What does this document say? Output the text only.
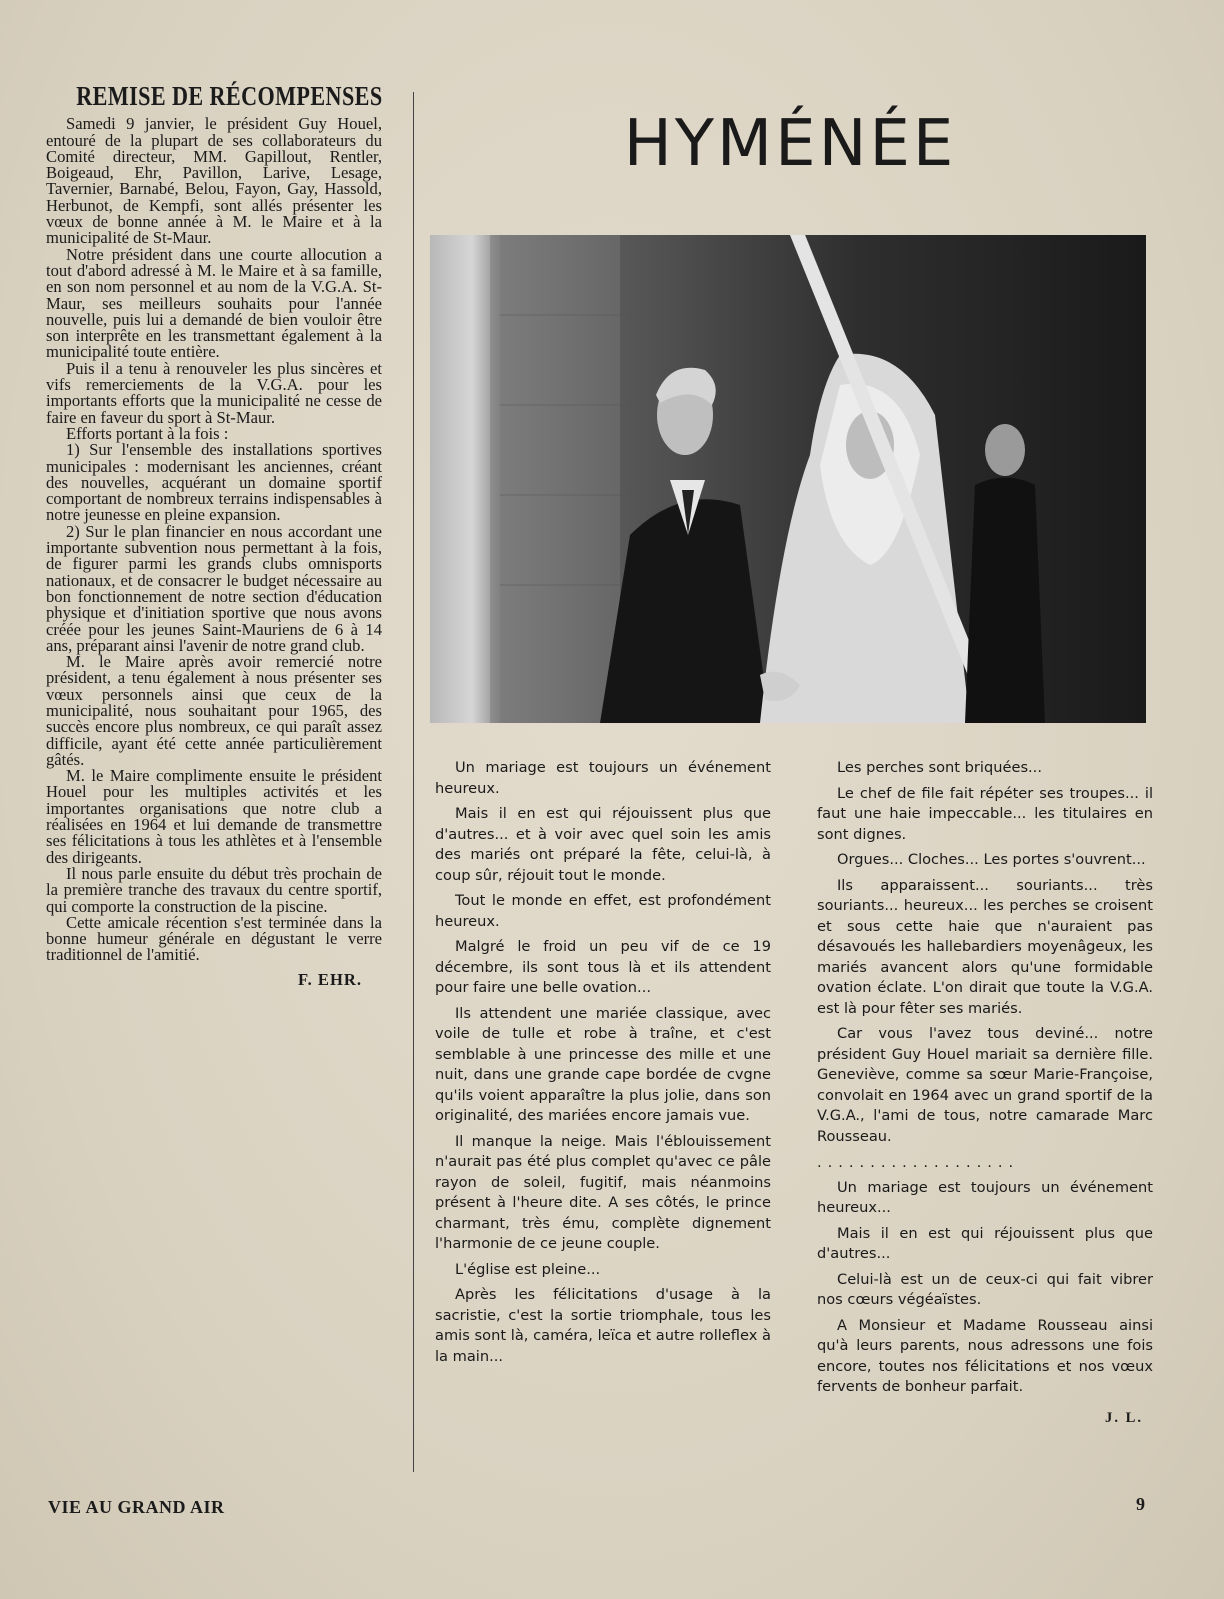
REMISE DE RÉCOMPENSES

Samedi 9 janvier, le président Guy Houel, entouré de la plupart de ses collaborateurs du Comité directeur, MM. Gapillout, Rentler, Boigeaud, Ehr, Pavillon, Larive, Lesage, Tavernier, Barnabé, Belou, Fayon, Gay, Hassold, Herbunot, de Kempfi, sont allés présenter les vœux de bonne année à M. le Maire et à la municipalité de St-Maur.

Notre président dans une courte allocution a tout d'abord adressé à M. le Maire et à sa famille, en son nom personnel et au nom de la V.G.A. St-Maur, ses meilleurs souhaits pour l'année nouvelle, puis lui a demandé de bien vouloir être son interprête en les transmettant également à la municipalité toute entière.

Puis il a tenu à renouveler les plus sincères et vifs remerciements de la V.G.A. pour les importants efforts que la municipalité ne cesse de faire en faveur du sport à St-Maur.

Efforts portant à la fois :

1) Sur l'ensemble des installations sportives municipales : modernisant les anciennes, créant des nouvelles, acquérant un domaine sportif comportant de nombreux terrains indispensables à notre jeunesse en pleine expansion.

2) Sur le plan financier en nous accordant une importante subvention nous permettant à la fois, de figurer parmi les grands clubs omnisports nationaux, et de consacrer le budget nécessaire au bon fonctionnement de notre section d'éducation physique et d'initiation sportive que nous avons créée pour les jeunes Saint-Mauriens de 6 à 14 ans, préparant ainsi l'avenir de notre grand club.

M. le Maire après avoir remercié notre président, a tenu également à nous présenter ses vœux personnels ainsi que ceux de la municipalité, nous souhaitant pour 1965, des succès encore plus nombreux, ce qui paraît assez difficile, ayant été cette année particulièrement gâtés.

M. le Maire complimente ensuite le président Houel pour les multiples activités et les importantes organisations que notre club a réalisées en 1964 et lui demande de transmettre ses félicitations à tous les athlètes et à l'ensemble des dirigeants.

Il nous parle ensuite du début très prochain de la première tranche des travaux du centre sportif, qui comporte la construction de la piscine.

Cette amicale récention s'est terminée dans la bonne humeur générale en dégustant le verre traditionnel de l'amitié.

F. EHR.

HYMÉNÉE

Un mariage est toujours un événement heureux.

Mais il en est qui réjouissent plus que d'autres... et à voir avec quel soin les amis des mariés ont préparé la fête, celui-là, à coup sûr, réjouit tout le monde.

Tout le monde en effet, est profondément heureux.

Malgré le froid un peu vif de ce 19 décembre, ils sont tous là et ils attendent pour faire une belle ovation...

Ils attendent une mariée classique, avec voile de tulle et robe à traîne, et c'est semblable à une princesse des mille et une nuit, dans une grande cape bordée de cvgne qu'ils voient apparaître la plus jolie, dans son originalité, des mariées encore jamais vue.

Il manque la neige. Mais l'éblouissement n'aurait pas été plus complet qu'avec ce pâle rayon de soleil, fugitif, mais néanmoins présent à l'heure dite. A ses côtés, le prince charmant, très ému, complète dignement l'harmonie de ce jeune couple.

L'église est pleine...

Après les félicitations d'usage à la sacristie, c'est la sortie triomphale, tous les amis sont là, caméra, leïca et autre rolleflex à la main...

Les perches sont briquées...

Le chef de file fait répéter ses troupes... il faut une haie impeccable... les titulaires en sont dignes.

Orgues... Cloches... Les portes s'ouvrent...

Ils apparaissent... souriants... très souriants... heureux... les perches se croisent et sous cette haie que n'auraient pas désavoués les hallebardiers moyenâgeux, les mariés avancent alors qu'une formidable ovation éclate. L'on dirait que toute la V.G.A. est là pour fêter ses mariés.

Car vous l'avez tous deviné... notre président Guy Houel mariait sa dernière fille. Geneviève, comme sa sœur Marie-Françoise, convolait en 1964 avec un grand sportif de la V.G.A., l'ami de tous, notre camarade Marc Rousseau.

...................

Un mariage est toujours un événement heureux...

Mais il en est qui réjouissent plus que d'autres...

Celui-là est un de ceux-ci qui fait vibrer nos cœurs végéaïstes.

A Monsieur et Madame Rousseau ainsi qu'à leurs parents, nous adressons une fois encore, toutes nos félicitations et nos vœux fervents de bonheur parfait.

J. L.

VIE AU GRAND AIR	9
